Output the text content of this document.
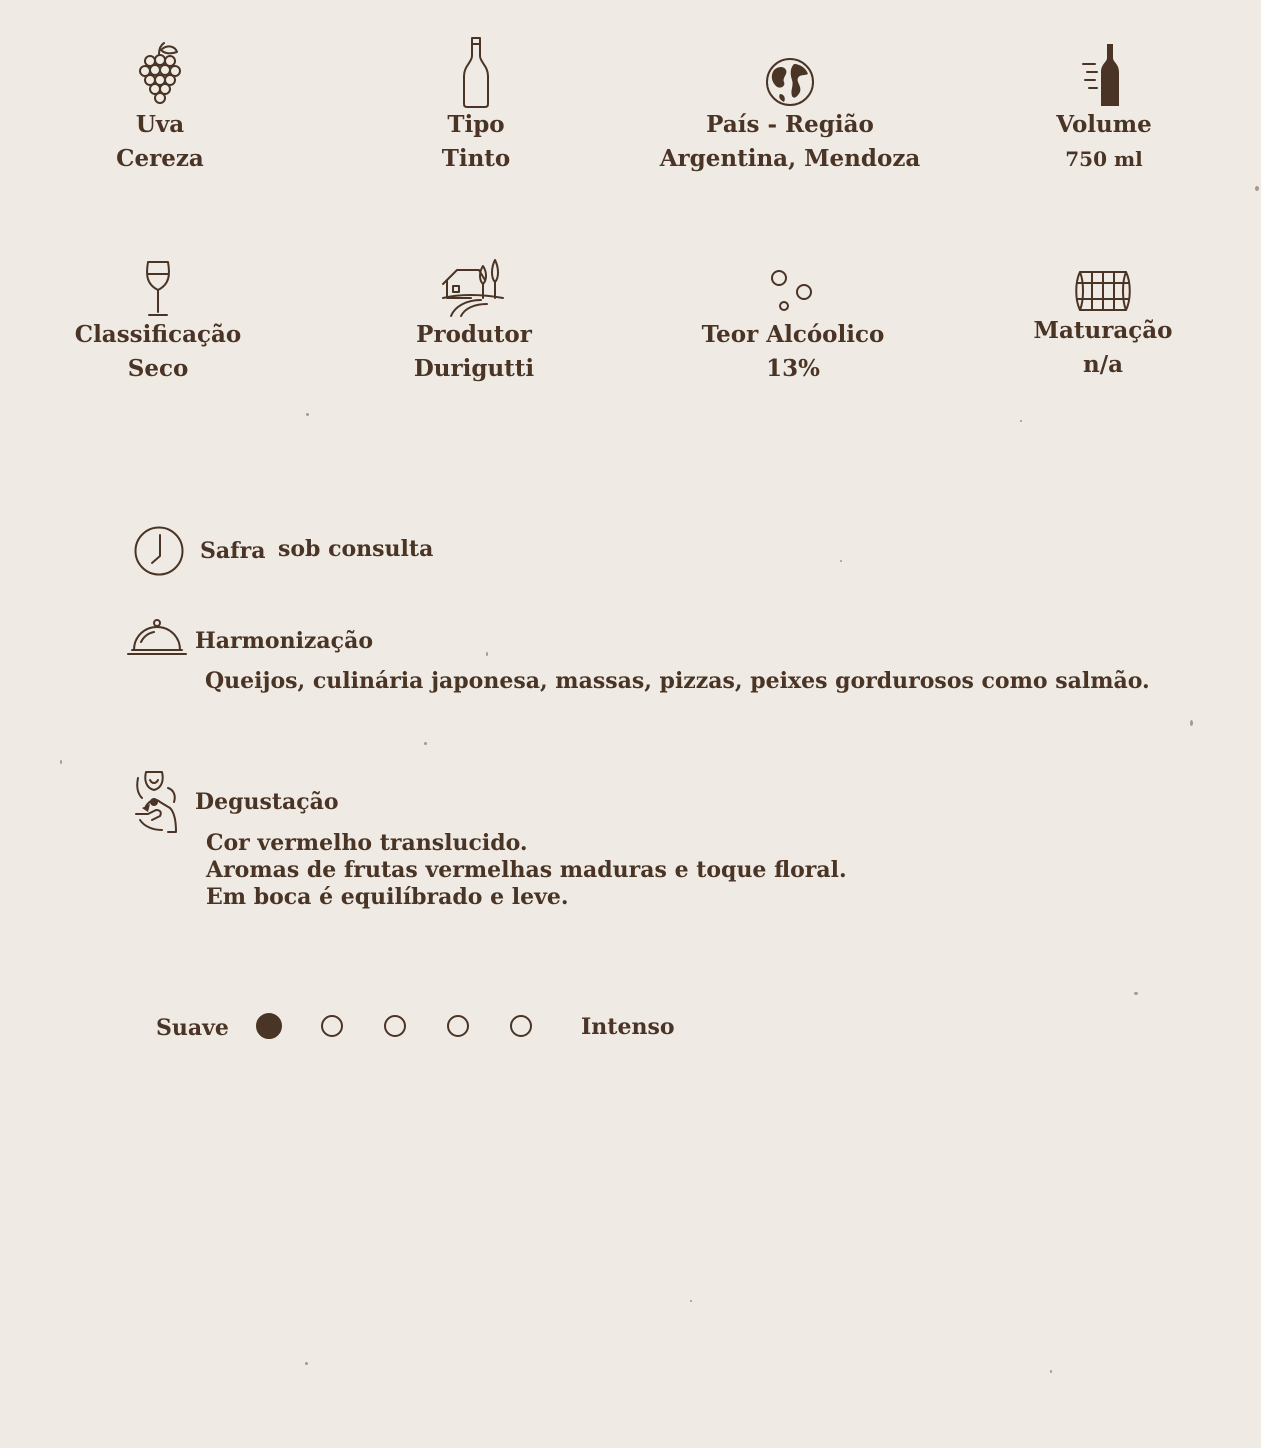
Uva
Cereza
Tipo
Tinto
País - Região
Argentina, Mendoza
Volume
750 ml
Classificação
Seco
Produtor
Durigutti
Teor Alcóolico
13%
Maturação
n/a
Safra sob consulta
Harmonização
Queijos, culinária japonesa, massas, pizzas, peixes gordurosos como salmão.
Degustação
Cor vermelho translucido.
Aromas de frutas vermelhas maduras e toque floral.
Em boca é equilíbrado e leve.
Suave	Intenso
